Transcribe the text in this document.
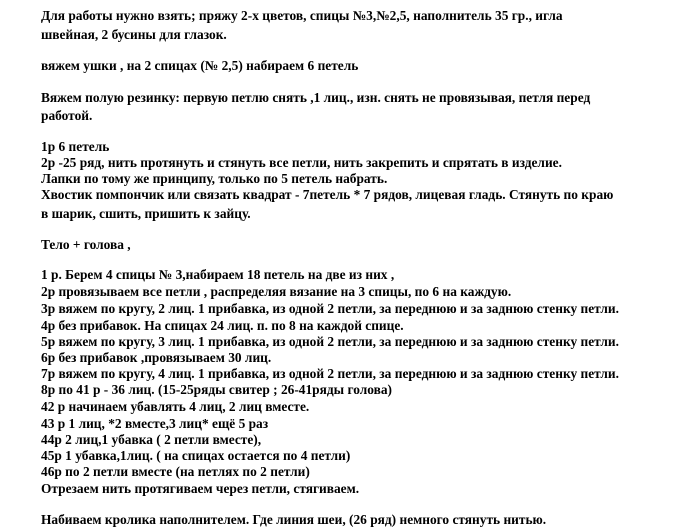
Для работы нужно взять; пряжу 2-х цветов, спицы №3,№2,5, наполнитель 35 гр., игла
швейная, 2 бусины для глазок.
вяжем ушки , на 2 спицах (№ 2,5) набираем 6 петель
Вяжем полую резинку: первую петлю снять ,1 лиц., изн. снять не провязывая, петля перед
работой.
1р 6 петель
2р -25 ряд, нить протянуть и стянуть все петли, нить закрепить и спрятать в изделие.
Лапки по тому же принципу, только по 5 петель набрать.
Хвостик помпончик или связать квадрат - 7петель * 7 рядов, лицевая гладь. Стянуть по краю
в шарик, сшить, пришить к зайцу.
Тело + голова ,
1 р. Берем 4 спицы № 3,набираем 18 петель на две из них ,
2р провязываем все петли , распределяя вязание на 3 спицы, по 6 на каждую.
3р вяжем по кругу, 2 лиц. 1 прибавка, из одной 2 петли, за переднюю и за заднюю стенку петли.
4р без прибавок. На спицах 24 лиц. п. по 8 на каждой спице.
5р вяжем по кругу, 3 лиц. 1 прибавка, из одной 2 петли, за переднюю и за заднюю стенку петли.
6р без прибавок ,провязываем 30 лиц.
7р вяжем по кругу, 4 лиц. 1 прибавка, из одной 2 петли, за переднюю и за заднюю стенку петли.
8р по 41 р - 36 лиц. (15-25ряды свитер ; 26-41ряды голова)
42 р начинаем убавлять 4 лиц, 2 лиц вместе.
43 р 1 лиц, *2 вместе,3 лиц* ещё 5 раз
44р 2 лиц,1 убавка ( 2 петли вместе),
45р 1 убавка,1лиц. ( на спицах остается по 4 петли)
46р по 2 петли вместе (на петлях по 2 петли)
Отрезаем нить протягиваем через петли, стягиваем.
Набиваем кролика наполнителем. Где линия шеи, (26 ряд) немного стянуть нитью.
